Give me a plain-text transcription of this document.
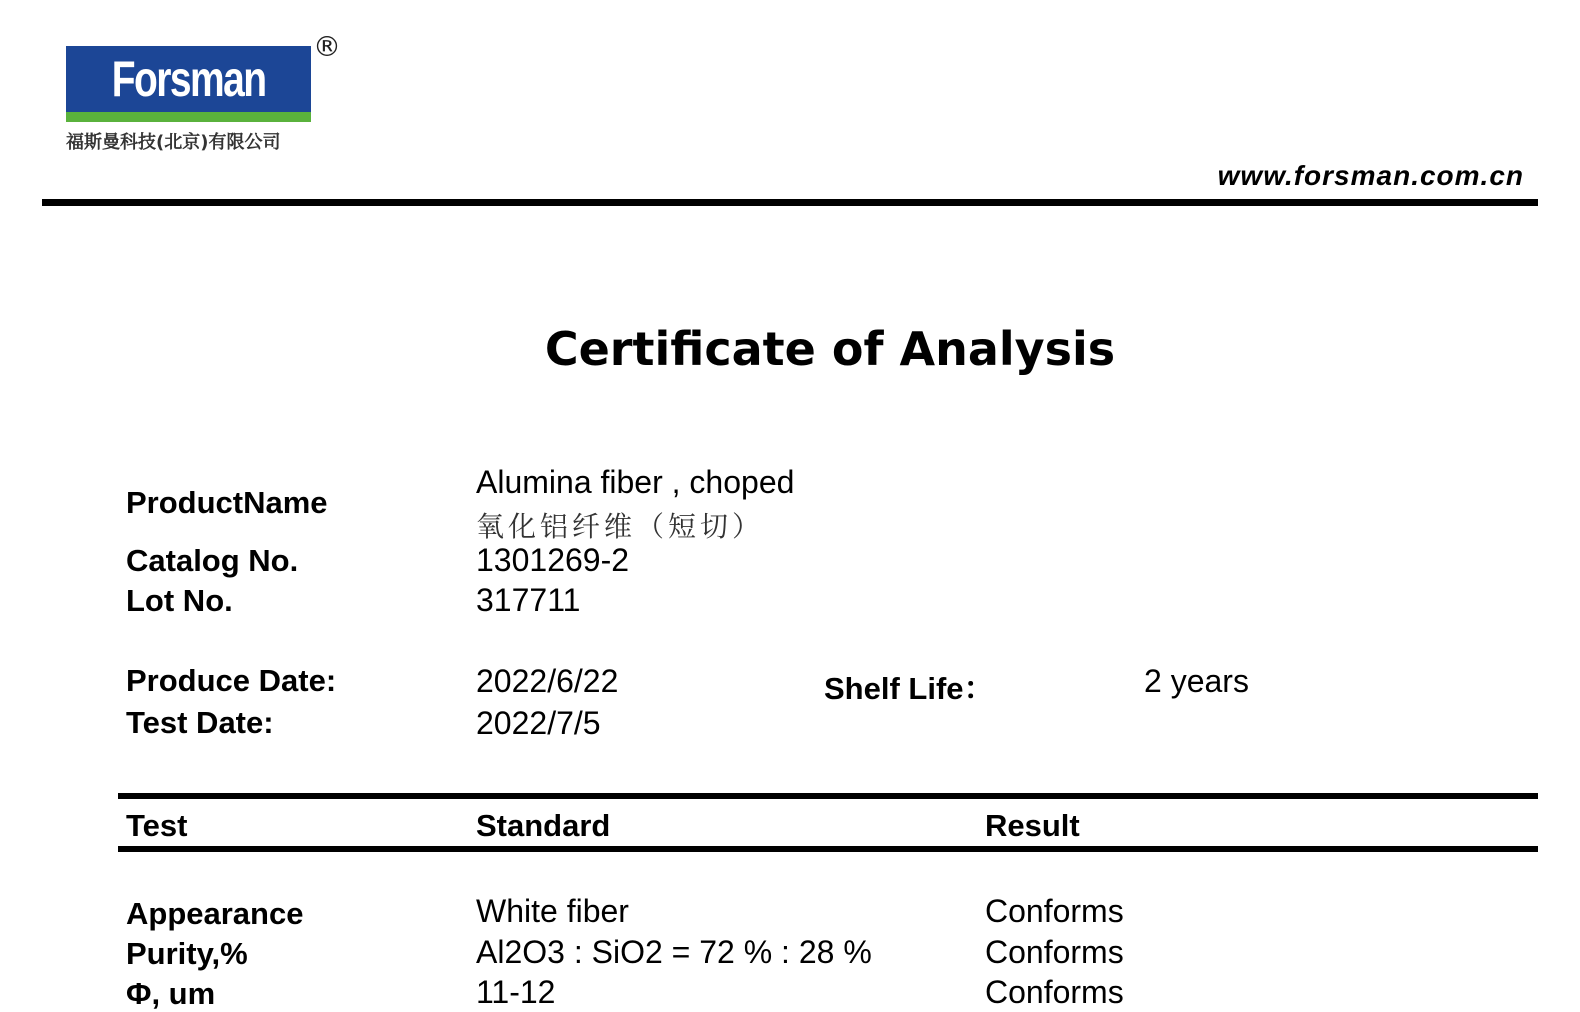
Forsman
福斯曼科技(北京)有限公司
®
www.forsman.com.cn
Certificate of Analysis
ProductName
Alumina fiber , choped
氧化铝纤维（短切）
Catalog No.	1301269-2
Lot No.	317711
Produce Date:	2022/6/22	Shelf Life：	2 years
Test Date:	2022/7/5
Test	Standard	Result
Appearance	White fiber	Conforms
Purity,%	Al2O3 : SiO2 = 72 % : 28 %	Conforms
Φ, um	11-12	Conforms
